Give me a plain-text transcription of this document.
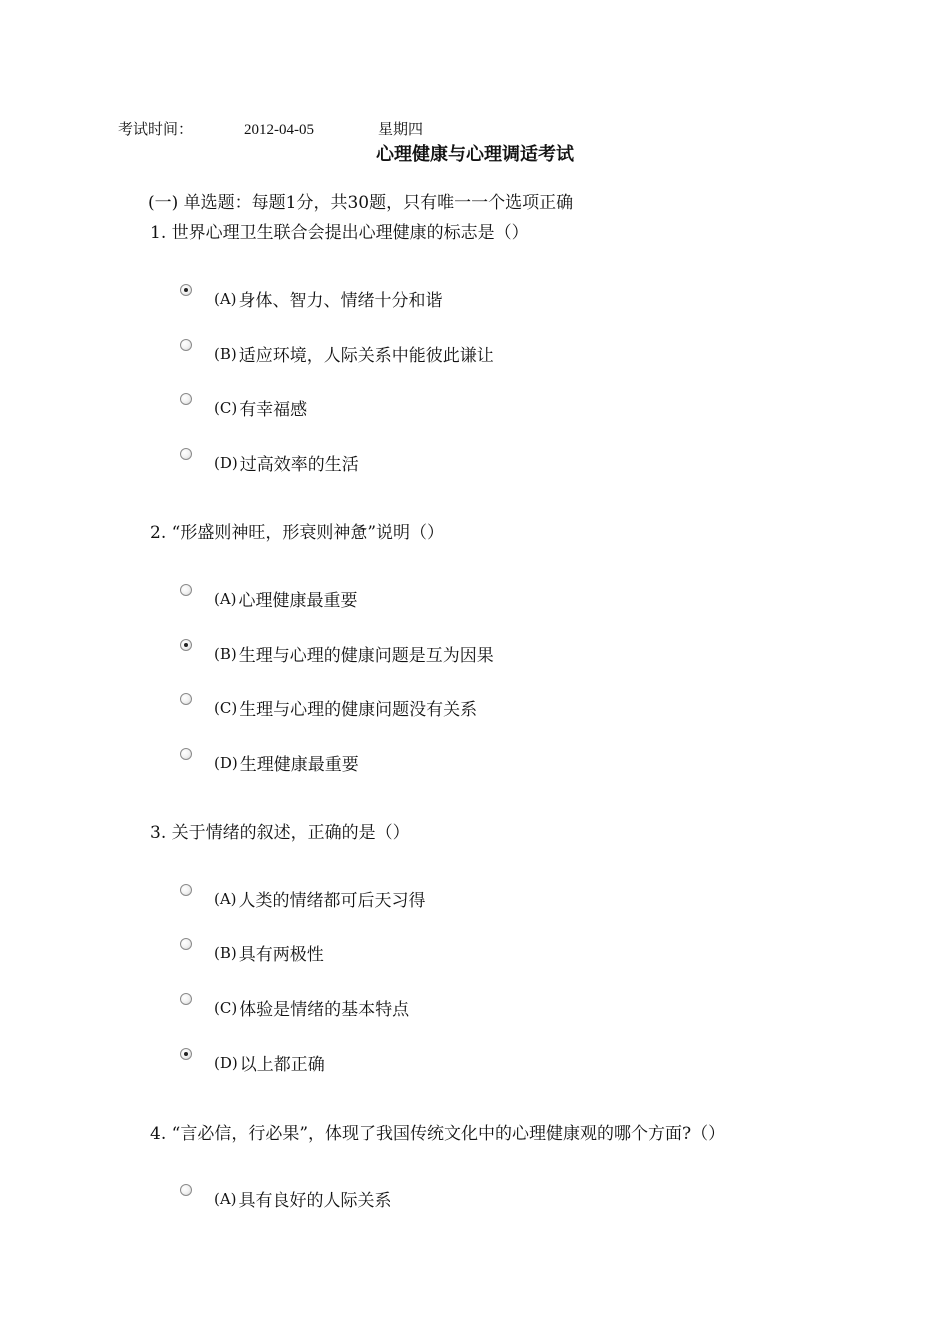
考试时间：	2012-04-05	星期四
心理健康与心理调适考试
(一) 单选题：每题1分，共30题，只有唯一一个选项正确
1. 世界心理卫生联合会提出心理健康的标志是（）
(A) 身体、智力、情绪十分和谐
(B) 适应环境，人际关系中能彼此谦让
(C) 有幸福感
(D) 过高效率的生活
2. “形盛则神旺，形衰则神惫”说明（）
(A) 心理健康最重要
(B) 生理与心理的健康问题是互为因果
(C) 生理与心理的健康问题没有关系
(D) 生理健康最重要
3. 关于情绪的叙述，正确的是（）
(A) 人类的情绪都可后天习得
(B) 具有两极性
(C) 体验是情绪的基本特点
(D) 以上都正确
4. “言必信，行必果”，体现了我国传统文化中的心理健康观的哪个方面?（）
(A) 具有良好的人际关系
